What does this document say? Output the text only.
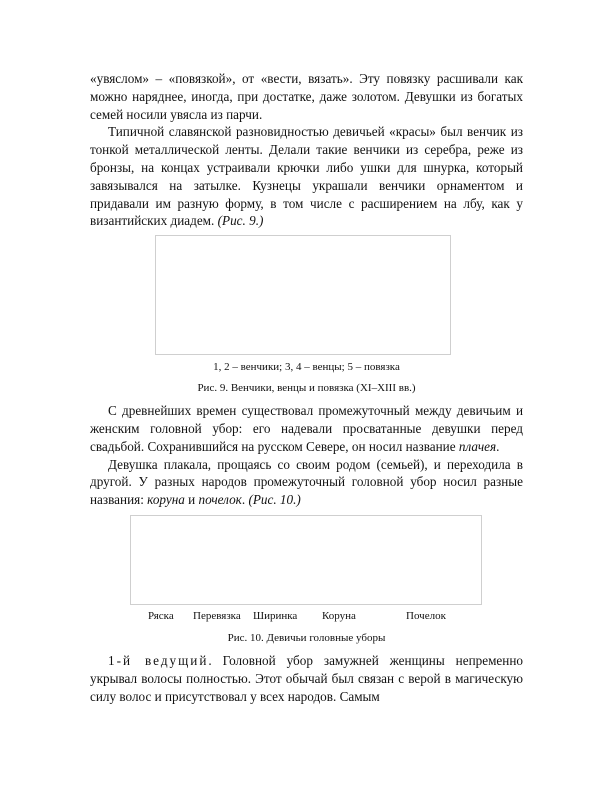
«увяслом» – «повязкой», от «вести, вязать». Эту повязку расшивали как можно наряднее, иногда, при достатке, даже золотом. Девушки из богатых семей носили увясла из парчи.

Типичной славянской разновидностью девичьей «красы» был венчик из тонкой металлической ленты. Делали такие венчики из серебра, реже из бронзы, на концах устраивали крючки либо ушки для шнурка, который завязывался на затылке. Кузнецы украшали венчики орнаментом и придавали им разную форму, в том числе с расширением на лбу, как у византийских диадем. (Рис. 9.)

1, 2 – венчики; 3, 4 – венцы; 5 – повязка

Рис. 9. Венчики, венцы и повязка (XI–XIII вв.)

С древнейших времен существовал промежуточный между девичьим и женским головной убор: его надевали просватанные девушки перед свадьбой. Сохранившийся на русском Севере, он носил название плачея.

Девушка плакала, прощаясь со своим родом (семьей), и переходила в другой. У разных народов промежуточный головной убор носил разные названия: коруна и почелок. (Рис. 10.)

Ряска Перевязка Ширинка Коруна	Почелок

Рис. 10. Девичьи головные уборы

1-й ведущий. Головной убор замужней женщины непременно укрывал волосы полностью. Этот обычай был связан с верой в магическую силу волос и присутствовал у всех народов. Самым
